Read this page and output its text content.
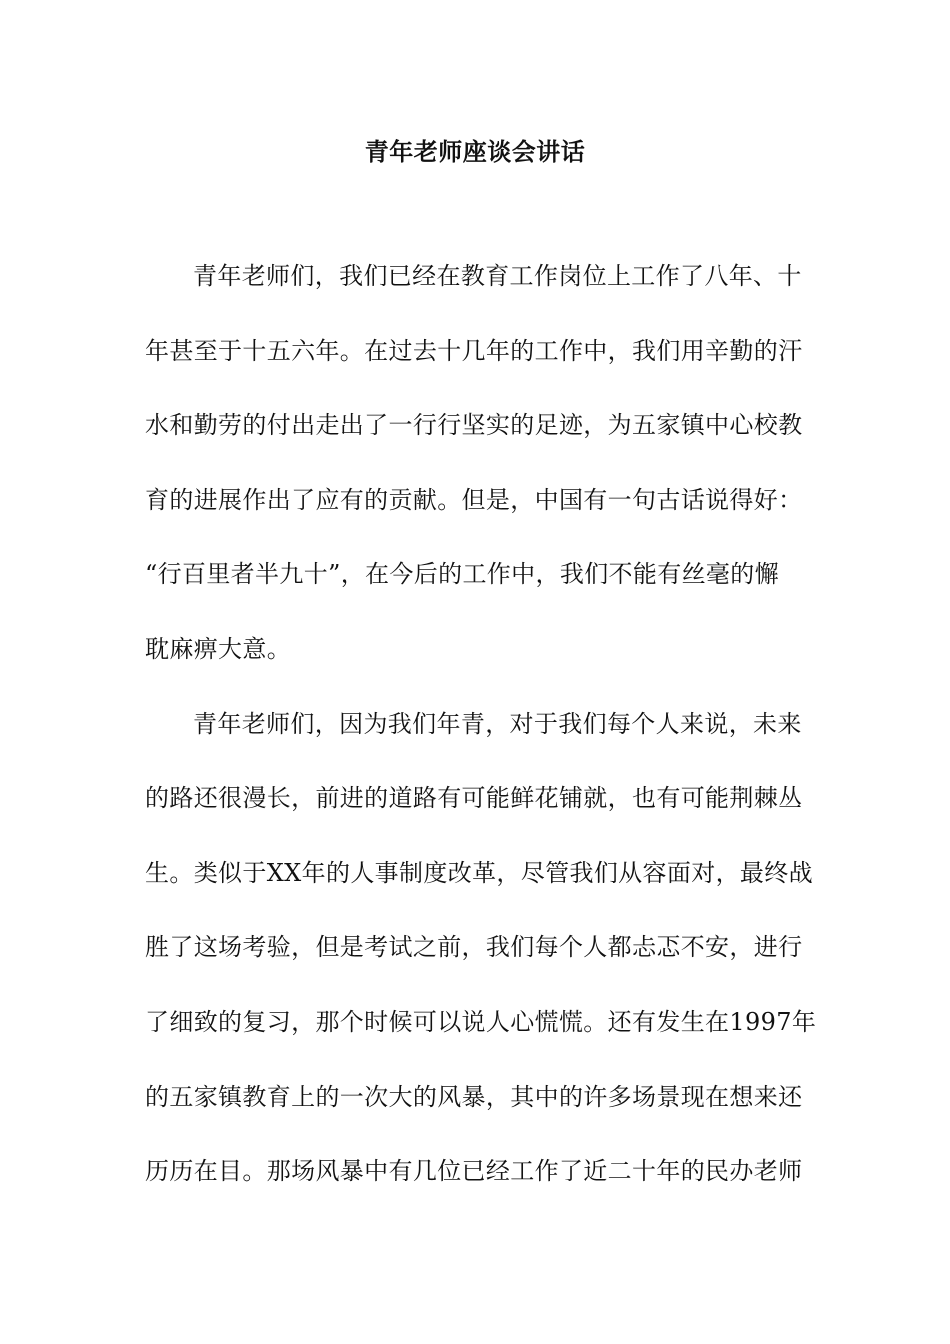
青年老师座谈会讲话
青年老师们，我们已经在教育工作岗位上工作了八年、十
年甚至于十五六年。在过去十几年的工作中，我们用辛勤的汗
水和勤劳的付出走出了一行行坚实的足迹，为五家镇中心校教
育的进展作出了应有的贡献。但是，中国有一句古话说得好：
“行百里者半九十”，在今后的工作中，我们不能有丝毫的懈
耽麻痹大意。
青年老师们，因为我们年青，对于我们每个人来说，未来
的路还很漫长，前进的道路有可能鲜花铺就，也有可能荆棘丛
生。类似于XX年的人事制度改革，尽管我们从容面对，最终战
胜了这场考验，但是考试之前，我们每个人都忐忑不安，进行
了细致的复习，那个时候可以说人心慌慌。还有发生在1997年
的五家镇教育上的一次大的风暴，其中的许多场景现在想来还
历历在目。那场风暴中有几位已经工作了近二十年的民办老师
